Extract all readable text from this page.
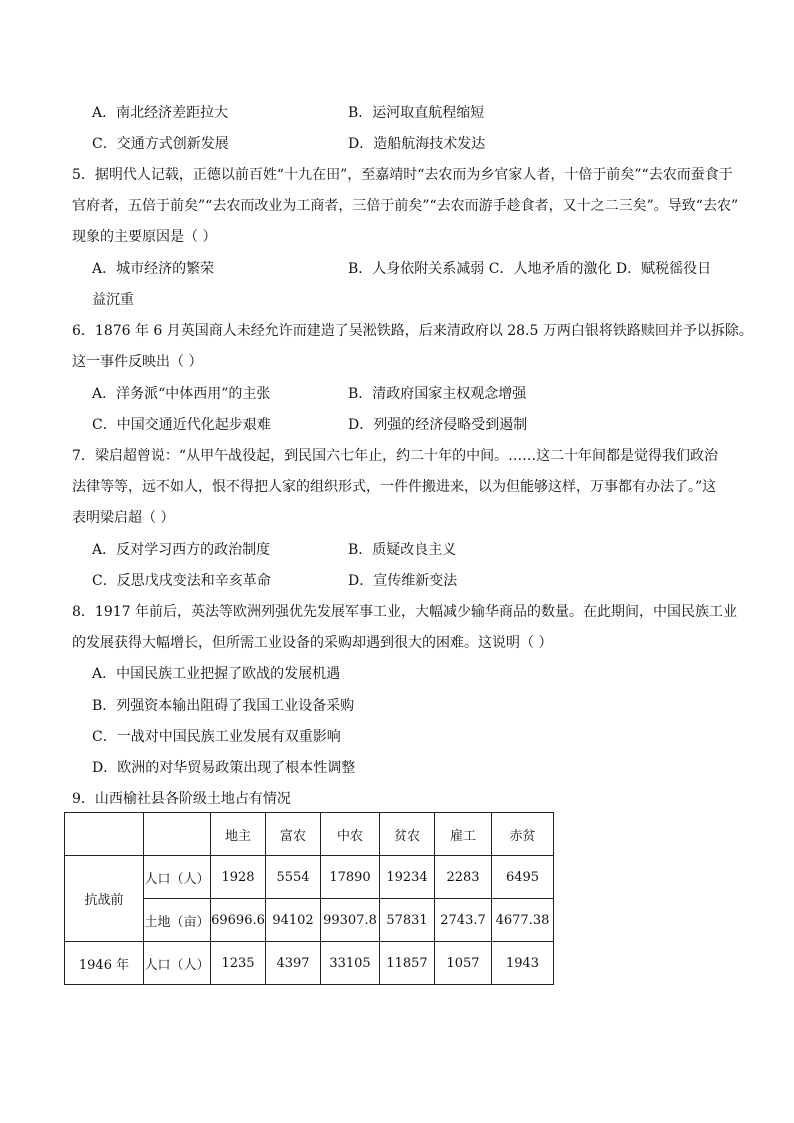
A．南北经济差距拉大	B．运河取直航程缩短
C．交通方式创新发展	D．造船航海技术发达
5．据明代人记载，正德以前百姓“十九在田”，至嘉靖时“去农而为乡官家人者，十倍于前矣”“去农而蚕食于
官府者，五倍于前矣”“去农而改业为工商者，三倍于前矣”“去农而游手趁食者，又十之二三矣”。导致“去农”
现象的主要原因是（ ）
A．城市经济的繁荣	B．人身依附关系减弱 C．人地矛盾的激化 D．赋税徭役日
益沉重
6．1876 年 6 月英国商人未经允许而建造了吴淞铁路，后来清政府以 28.5 万两白银将铁路赎回并予以拆除。
这一事件反映出（ ）
A．洋务派“中体西用”的主张	B．清政府国家主权观念增强
C．中国交通近代化起步艰难	D．列强的经济侵略受到遏制
7．梁启超曾说：“从甲午战役起，到民国六七年止，约二十年的中间。……这二十年间都是觉得我们政治
法律等等，远不如人，恨不得把人家的组织形式，一件件搬进来，以为但能够这样，万事都有办法了。”这
表明梁启超（ ）
A．反对学习西方的政治制度	B．质疑改良主义
C．反思戊戌变法和辛亥革命	D．宣传维新变法
8．1917 年前后，英法等欧洲列强优先发展军事工业，大幅减少输华商品的数量。在此期间，中国民族工业
的发展获得大幅增长，但所需工业设备的采购却遇到很大的困难。这说明（ ）
A．中国民族工业把握了欧战的发展机遇
B．列强资本输出阻碍了我国工业设备采购
C．一战对中国民族工业发展有双重影响
D．欧洲的对华贸易政策出现了根本性调整
9．山西榆社县各阶级土地占有情况
		地主	富农	中农	贫农	雇工	赤贫
抗战前	人口（人）	1928	5554	17890	19234	2283	6495
	土地（亩）	69696.6	94102	99307.8	57831	2743.7	4677.38
1946 年	人口（人）	1235	4397	33105	11857	1057	1943
